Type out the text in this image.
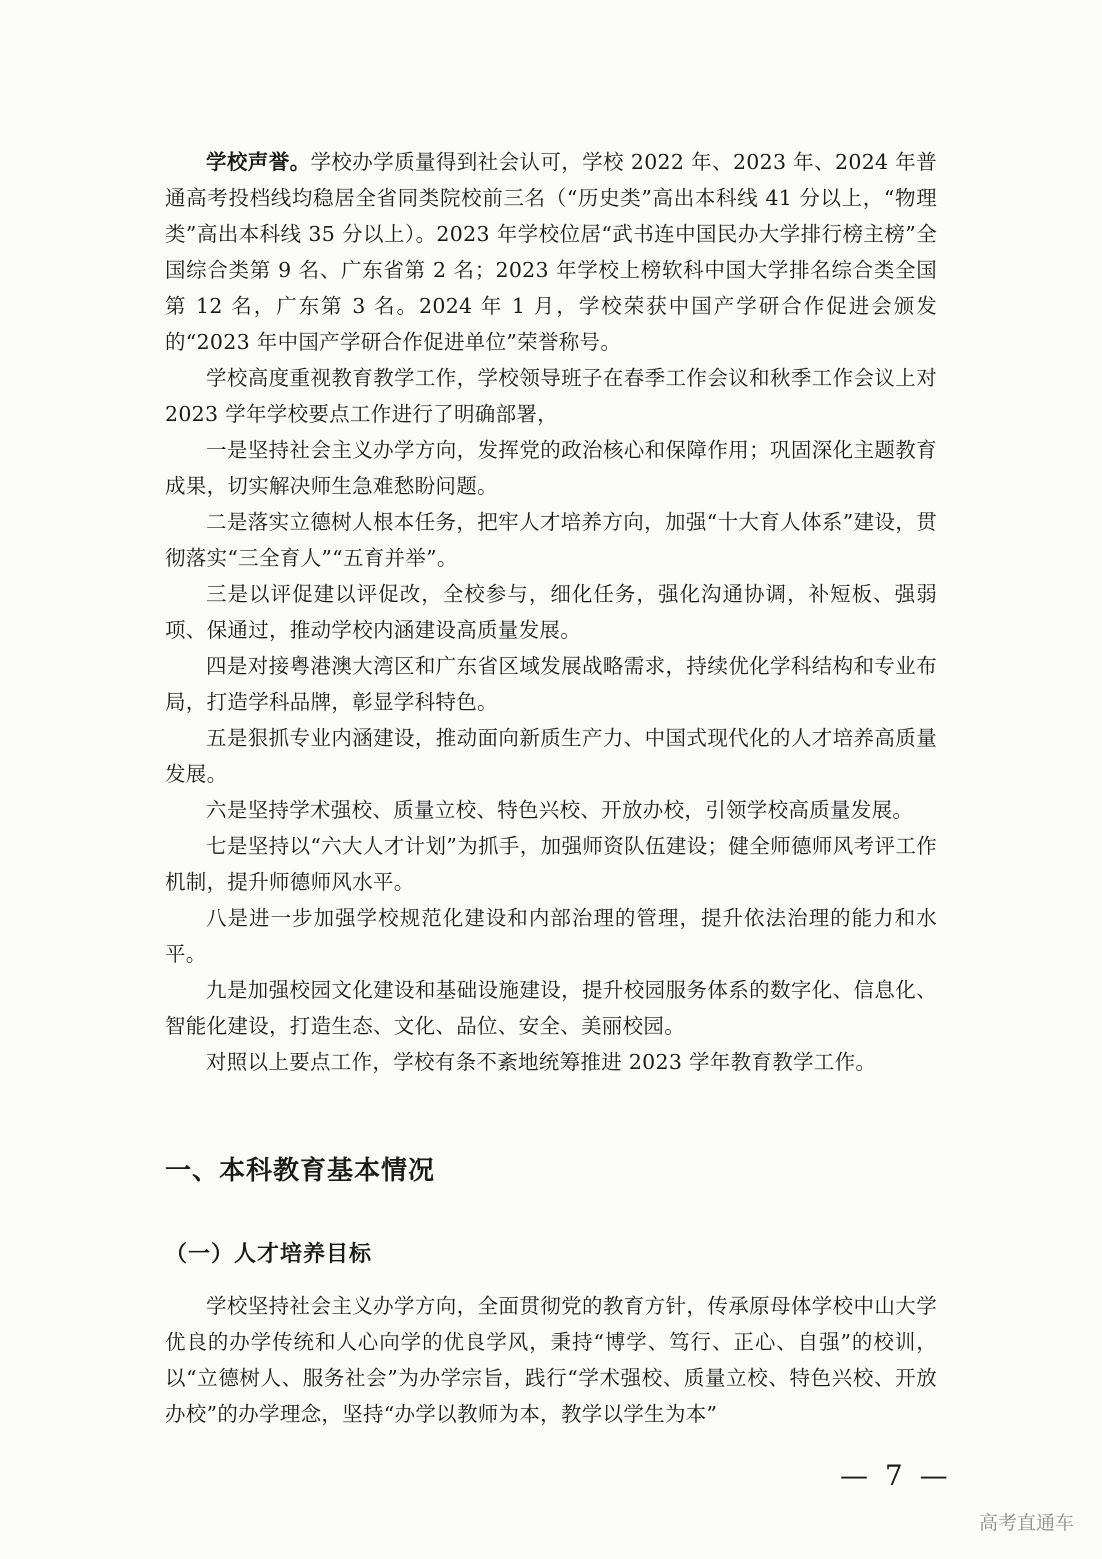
学校声誉。学校办学质量得到社会认可，学校 2022 年、2023 年、2024 年普通高考投档线均稳居全省同类院校前三名（“历史类”高出本科线 41 分以上，“物理类”高出本科线 35 分以上）。2023 年学校位居“武书连中国民办大学排行榜主榜”全国综合类第 9 名、广东省第 2 名；2023 年学校上榜软科中国大学排名综合类全国第 12 名，广东第 3 名。2024 年 1 月，学校荣获中国产学研合作促进会颁发的“2023 年中国产学研合作促进单位”荣誉称号。

学校高度重视教育教学工作，学校领导班子在春季工作会议和秋季工作会议上对 2023 学年学校要点工作进行了明确部署，

一是坚持社会主义办学方向，发挥党的政治核心和保障作用；巩固深化主题教育成果，切实解决师生急难愁盼问题。

二是落实立德树人根本任务，把牢人才培养方向，加强“十大育人体系”建设，贯彻落实“三全育人”“五育并举”。

三是以评促建以评促改，全校参与，细化任务，强化沟通协调，补短板、强弱项、保通过，推动学校内涵建设高质量发展。

四是对接粤港澳大湾区和广东省区域发展战略需求，持续优化学科结构和专业布局，打造学科品牌，彰显学科特色。

五是狠抓专业内涵建设，推动面向新质生产力、中国式现代化的人才培养高质量发展。

六是坚持学术强校、质量立校、特色兴校、开放办校，引领学校高质量发展。

七是坚持以“六大人才计划”为抓手，加强师资队伍建设；健全师德师风考评工作机制，提升师德师风水平。

八是进一步加强学校规范化建设和内部治理的管理，提升依法治理的能力和水平。

九是加强校园文化建设和基础设施建设，提升校园服务体系的数字化、信息化、智能化建设，打造生态、文化、品位、安全、美丽校园。

对照以上要点工作，学校有条不紊地统筹推进 2023 学年教育教学工作。

一、本科教育基本情况
（一）人才培养目标

学校坚持社会主义办学方向，全面贯彻党的教育方针，传承原母体学校中山大学优良的办学传统和人心向学的优良学风，秉持“博学、笃行、正心、自强”的校训，以“立德树人、服务社会”为办学宗旨，践行“学术强校、质量立校、特色兴校、开放办校”的办学理念，坚持“办学以教师为本，教学以学生为本”

— 7 —
高考直通车
